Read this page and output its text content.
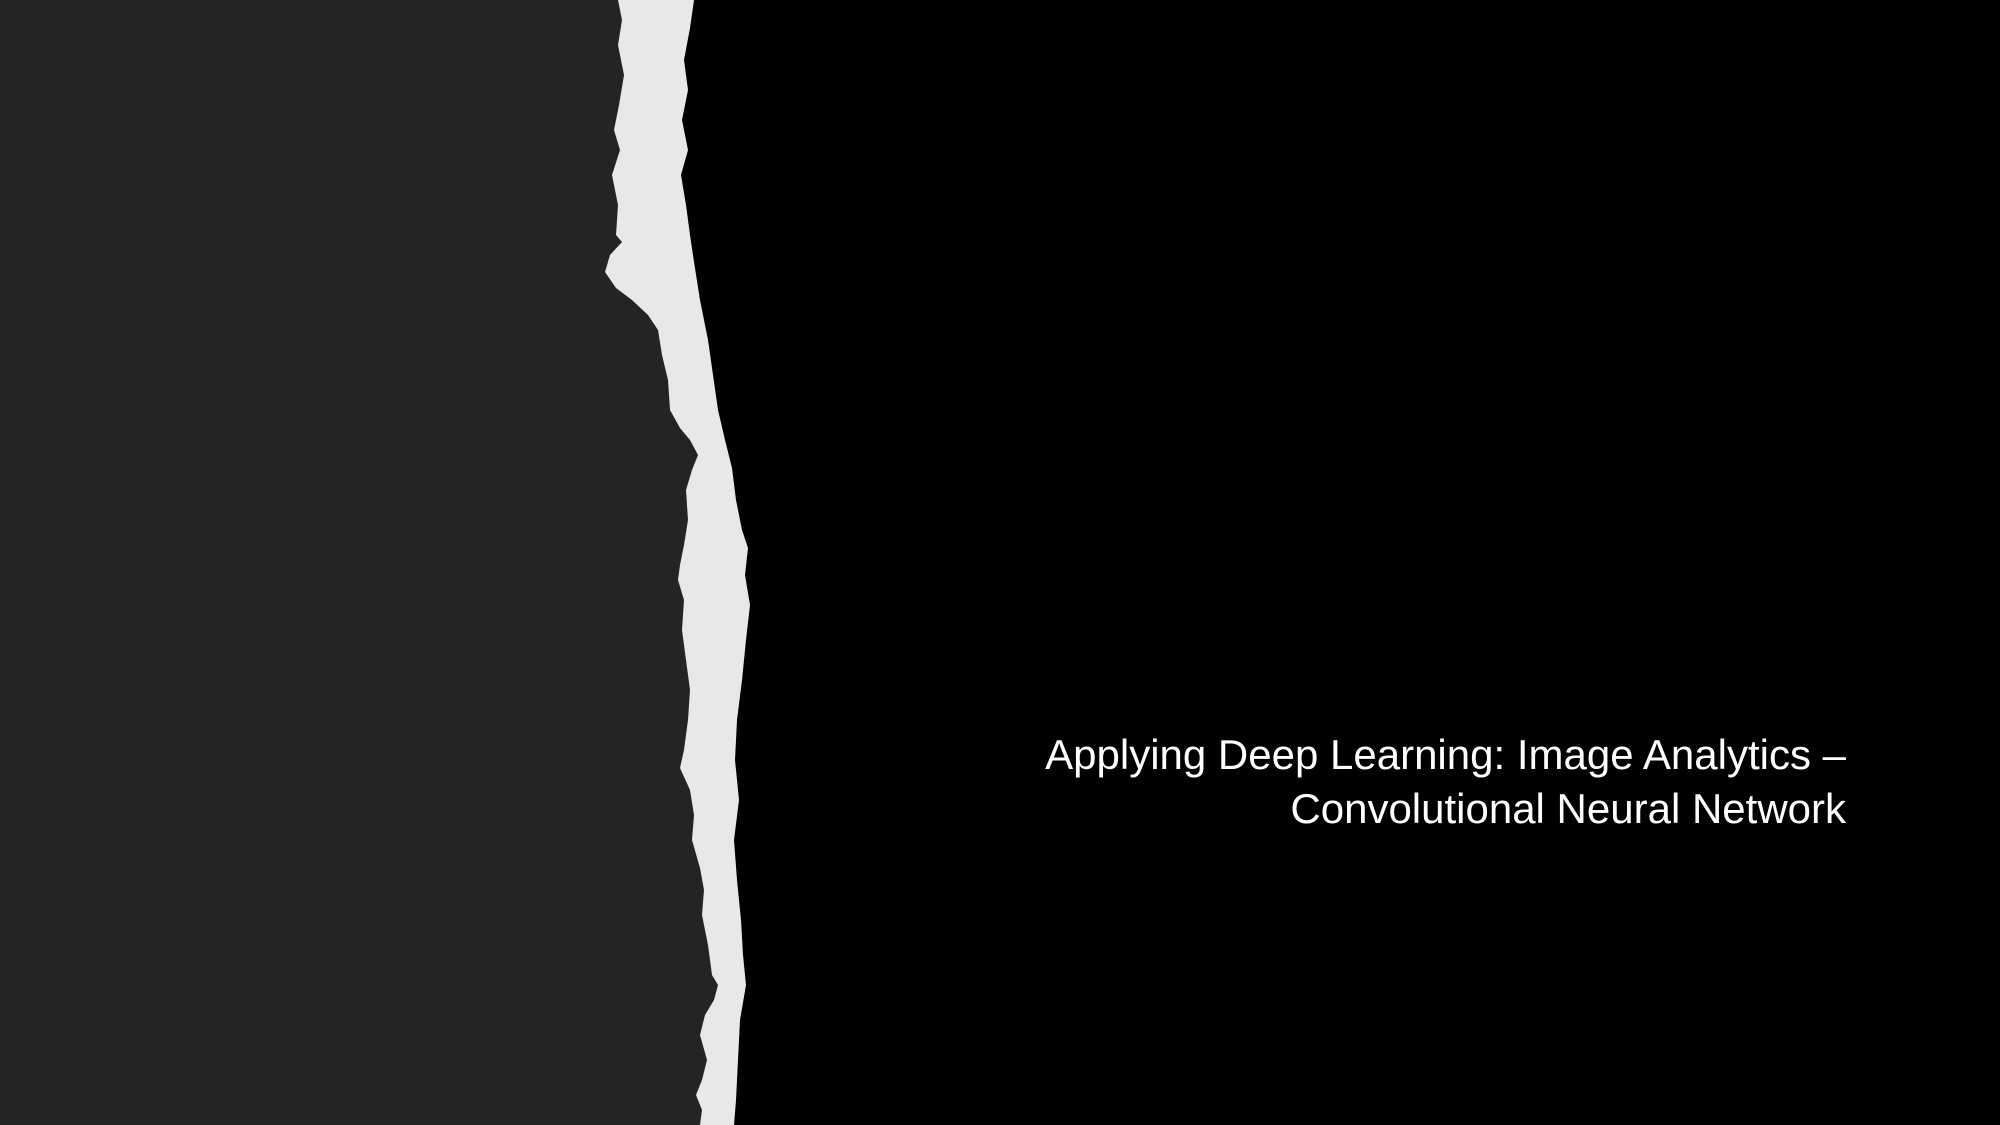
Applying Deep Learning: Image Analytics –
Convolutional Neural Network
